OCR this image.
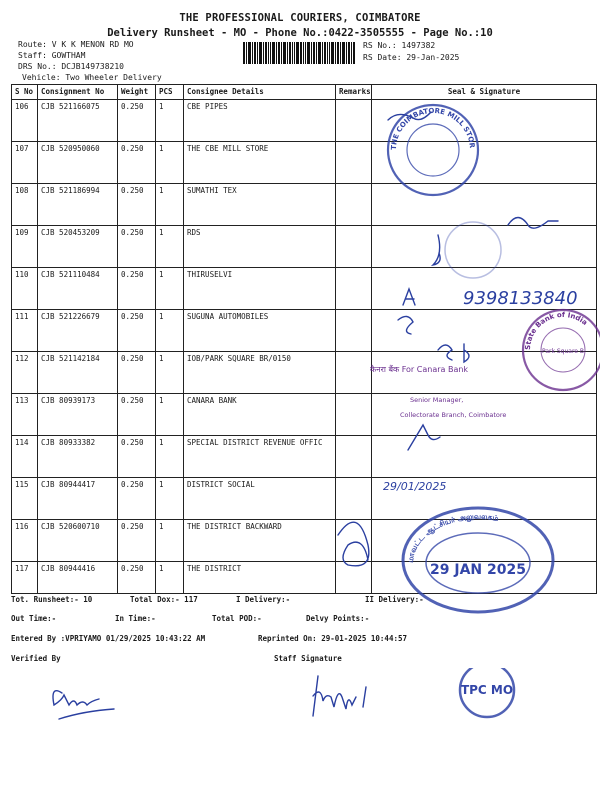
THE PROFESSIONAL COURIERS, COIMBATORE
Delivery Runsheet - MO - Phone No.:0422-3505555 - Page No.:10
Route: V K K MENON RD MO
Staff: GOWTHAM
DRS No.: DCJB149738210
Vehicle: Two Wheeler Delivery
RS No.: 1497382
RS Date: 29-Jan-2025
S No	Consignment No	Weight	PCS	Consignee Details	Remarks	Seal & Signature
106	CJB 521166075	0.250	1	CBE PIPES		
107	CJB 520950060	0.250	1	THE CBE MILL STORE		
108	CJB 521186994	0.250	1	SUMATHI TEX		
109	CJB 520453209	0.250	1	RDS		
110	CJB 521110484	0.250	1	THIRUSELVI		
111	CJB 521226679	0.250	1	SUGUNA AUTOMOBILES		
112	CJB 521142184	0.250	1	IOB/PARK SQUARE BR/0150		
113	CJB 80939173	0.250	1	CANARA BANK		
114	CJB 80933382	0.250	1	SPECIAL DISTRICT REVENUE OFFIC		
115	CJB 80944417	0.250	1	DISTRICT SOCIAL		
116	CJB 520600710	0.250	1	THE DISTRICT BACKWARD		
117	CJB 80944416	0.250	1	THE DISTRICT		
THE COIMBATORE MILL STORES & GENERAL SUPPLIES CO.
9398133840
State Bank of India
Park Square B
कैनरा बैंक For Canara Bank
Senior Manager,
Collectorate Branch, Coimbatore
29/01/2025
மாவட்ட ஆட்சியர் அலுவலகம்
29 JAN 2025
Tot. Runsheet:- 10	Total Dox:- 117	I Delivery:-	II Delivery:-
Out Time:-	In Time:-	Total POD:-	Delvy Points:-
Entered By :VPRIYAMO 01/29/2025 10:43:22 AM	Reprinted On: 29-01-2025 10:44:57
Verified By	Staff Signature
TPC MO
